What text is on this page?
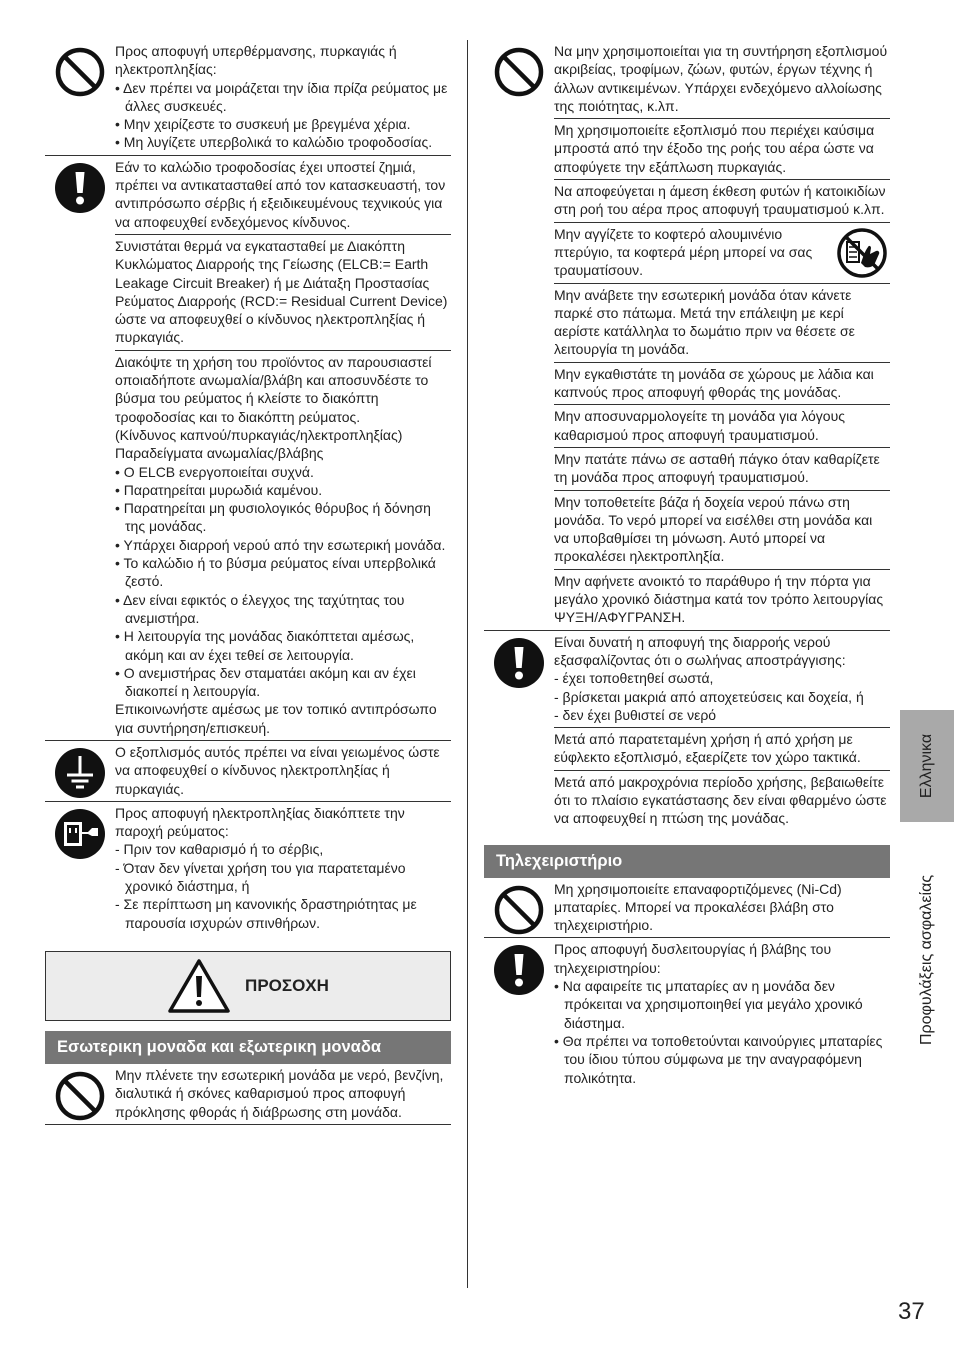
Προς αποφυγή υπερθέρμανσης, πυρκαγιάς ή ηλεκτροπληξίας:

• Δεν πρέπει να μοιράζεται την ίδια πρίζα ρεύματος με άλλες συσκευές.

• Μην χειρίζεστε το συσκευή με βρεγμένα χέρια.

• Μη λυγίζετε υπερβολικά το καλώδιο τροφοδοσίας.

Εάν το καλώδιο τροφοδοσίας έχει υποστεί ζημιά, πρέπει να αντικατασταθεί από τον κατασκευαστή, τον αντιπρόσωπο σέρβις ή εξειδικευμένους τεχνικούς για να αποφευχθεί ενδεχόμενος κίνδυνος.

Συνιστάται θερμά να εγκατασταθεί με Διακόπτη Κυκλώματος Διαρροής της Γείωσης (ELCB:= Earth Leakage Circuit Breaker) ή με Διάταξη Προστασίας Ρεύματος Διαρροής (RCD:= Residual Current Device) ώστε να αποφευχθεί ο κίνδυνος ηλεκτροπληξίας ή πυρκαγιάς.

Διακόψτε τη χρήση του προϊόντος αν παρουσιαστεί οποιαδήποτε ανωμαλία/βλάβη και αποσυνδέστε το βύσμα του ρεύματος ή κλείστε το διακόπτη τροφοδοσίας και το διακόπτη ρεύματος.

(Κίνδυνος καπνού/πυρκαγιάς/ηλεκτροπληξίας)

Παραδείγματα ανωμαλίας/βλάβης

• Ο ELCB ενεργοποιείται συχνά.

• Παρατηρείται μυρωδιά καμένου.

• Παρατηρείται μη φυσιολογικός θόρυβος ή δόνηση της μονάδας.

• Υπάρχει διαρροή νερού από την εσωτερική μονάδα.

• Το καλώδιο ή το βύσμα ρεύματος είναι υπερβολικά ζεστό.

• Δεν είναι εφικτός ο έλεγχος της ταχύτητας του ανεμιστήρα.

• Η λειτουργία της μονάδας διακόπτεται αμέσως, ακόμη και αν έχει τεθεί σε λειτουργία.

• Ο ανεμιστήρας δεν σταματάει ακόμη και αν έχει διακοπεί η λειτουργία.

Επικοινωνήστε αμέσως με τον τοπικό αντιπρόσωπο για συντήρηση/επισκευή.

Ο εξοπλισμός αυτός πρέπει να είναι γειωμένος ώστε να αποφευχθεί ο κίνδυνος ηλεκτροπληξίας ή πυρκαγιάς.

Προς αποφυγή ηλεκτροπληξίας διακόπτετε την παροχή ρεύματος:

- Πριν τον καθαρισμό ή το σέρβις,

- Όταν δεν γίνεται χρήση του για παρατεταμένο χρονικό διάστημα, ή

- Σε περίπτωση μη κανονικής δραστηριότητας με παρουσία ισχυρών σπινθήρων.

ΠΡΟΣΟΧΗ
Εσωτερικη μοναδα και εξωτερικη μοναδα

Μην πλένετε την εσωτερική μονάδα με νερό, βενζίνη, διαλυτικά ή σκόνες καθαρισμού προς αποφυγή πρόκλησης φθοράς ή διάβρωσης στη μονάδα.

Να μην χρησιμοποιείται για τη συντήρηση εξοπλισμού ακριβείας, τροφίμων, ζώων, φυτών, έργων τέχνης ή άλλων αντικειμένων. Υπάρχει ενδεχόμενο αλλοίωσης της ποιότητας, κ.λπ.

Μη χρησιμοποιείτε εξοπλισμό που περιέχει καύσιμα μπροστά από την έξοδο της ροής του αέρα ώστε να αποφύγετε την εξάπλωση πυρκαγιάς.

Να αποφεύγεται η άμεση έκθεση φυτών ή κατοικιδίων στη ροή του αέρα προς αποφυγή τραυματισμού κ.λπ.

Μην αγγίζετε το κοφτερό αλουμινένιο πτερύγιο, τα κοφτερά μέρη μπορεί να σας τραυματίσουν.

Μην ανάβετε την εσωτερική μονάδα όταν κάνετε παρκέ στο πάτωμα. Μετά την επάλειψη με κερί αερίστε κατάλληλα το δωμάτιο πριν να θέσετε σε λειτουργία τη μονάδα.

Μην εγκαθιστάτε τη μονάδα σε χώρους με λάδια και καπνούς προς αποφυγή φθοράς της μονάδας.

Μην αποσυναρμολογείτε τη μονάδα για λόγους καθαρισμού προς αποφυγή τραυματισμού.

Μην πατάτε πάνω σε ασταθή πάγκο όταν καθαρίζετε τη μονάδα προς αποφυγή τραυματισμού.

Μην τοποθετείτε βάζα ή δοχεία νερού πάνω στη μονάδα. Το νερό μπορεί να εισέλθει στη μονάδα και να υποβαθμίσει τη μόνωση. Αυτό μπορεί να προκαλέσει ηλεκτροπληξία.

Μην αφήνετε ανοικτό το παράθυρο ή την πόρτα για μεγάλο χρονικό διάστημα κατά τον τρόπο λειτουργίας ΨΥΞΗ/ΑΦΥΓΡΑΝΣΗ.

Είναι δυνατή η αποφυγή της διαρροής νερού εξασφαλίζοντας ότι ο σωλήνας αποστράγγισης:

- έχει τοποθετηθεί σωστά,

- βρίσκεται μακριά από αποχετεύσεις και δοχεία, ή

- δεν έχει βυθιστεί σε νερό

Μετά από παρατεταμένη χρήση ή από χρήση με εύφλεκτο εξοπλισμό, εξαερίζετε τον χώρο τακτικά.

Μετά από μακροχρόνια περίοδο χρήσης, βεβαιωθείτε ότι το πλαίσιο εγκατάστασης δεν είναι φθαρμένο ώστε να αποφευχθεί η πτώση της μονάδας.

Τηλεχειριστήριο

Μη χρησιμοποιείτε επαναφορτιζόμενες (Ni-Cd) μπαταρίες. Μπορεί να προκαλέσει βλάβη στο τηλεχειριστήριο.

Προς αποφυγή δυσλειτουργίας ή βλάβης του τηλεχειριστηρίου:

• Να αφαιρείτε τις μπαταρίες αν η μονάδα δεν πρόκειται να χρησιμοποιηθεί για μεγάλο χρονικό διάστημα.

• Θα πρέπει να τοποθετούνται καινούργιες μπαταρίες του ίδιου τύπου σύμφωνα με την αναγραφόμενη πολικότητα.

Ελληνικα
Προφυλάξεις ασφαλείας
37
